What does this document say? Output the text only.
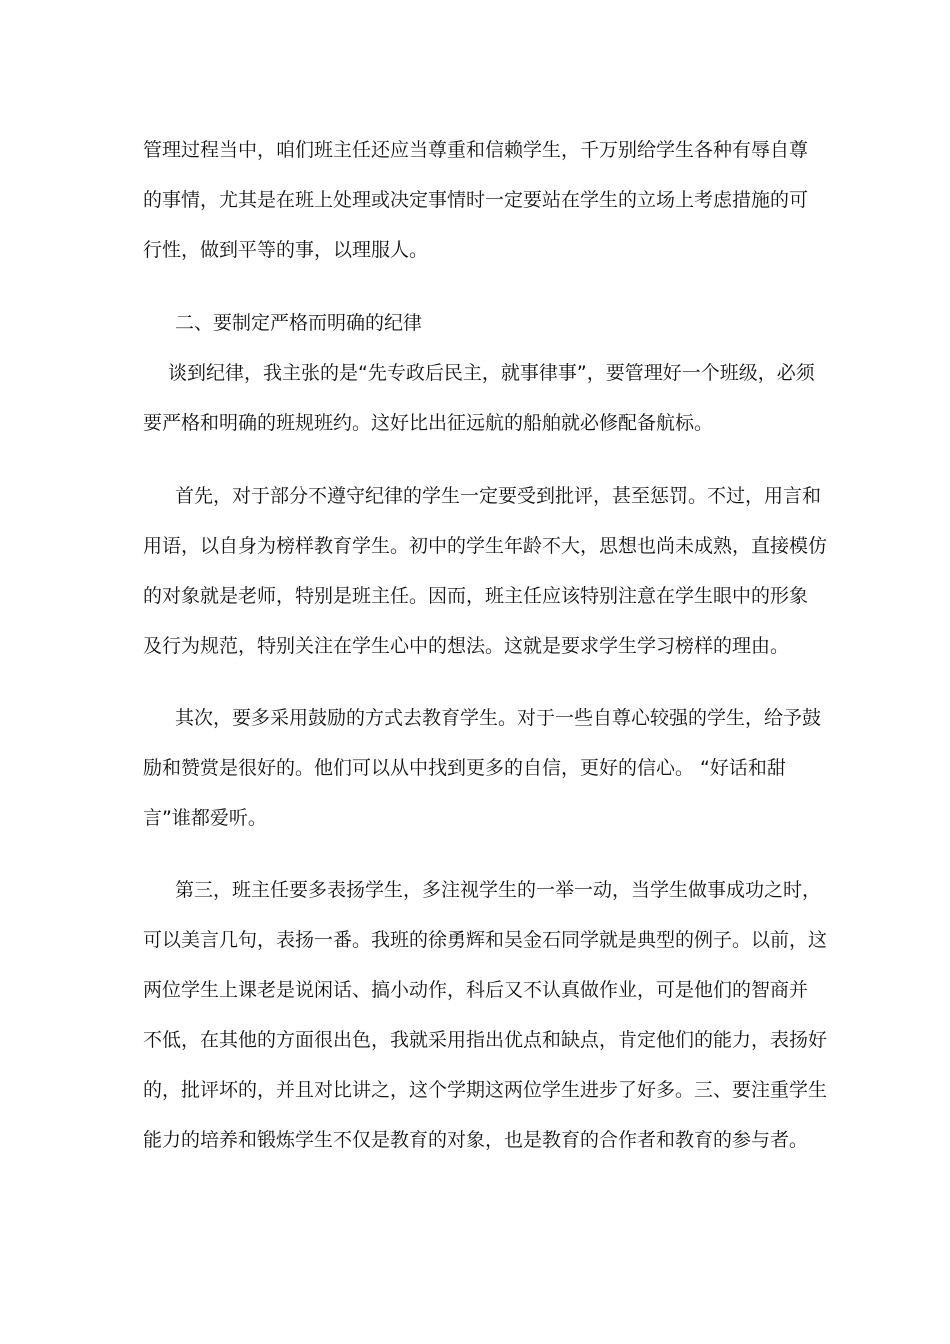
管理过程当中，咱们班主任还应当尊重和信赖学生，千万别给学生各种有辱自尊
的事情，尤其是在班上处理或决定事情时一定要站在学生的立场上考虑措施的可
行性，做到平等的事，以理服人。
二、要制定严格而明确的纪律
谈到纪律，我主张的是“先专政后民主，就事律事”，要管理好一个班级，必须
要严格和明确的班规班约。这好比出征远航的船舶就必修配备航标。
首先，对于部分不遵守纪律的学生一定要受到批评，甚至惩罚。不过，用言和
用语，以自身为榜样教育学生。初中的学生年龄不大，思想也尚未成熟，直接模仿
的对象就是老师，特别是班主任。因而，班主任应该特别注意在学生眼中的形象
及行为规范，特别关注在学生心中的想法。这就是要求学生学习榜样的理由。
其次，要多采用鼓励的方式去教育学生。对于一些自尊心较强的学生，给予鼓
励和赞赏是很好的。他们可以从中找到更多的自信，更好的信心。 “好话和甜
言”谁都爱听。
第三，班主任要多表扬学生，多注视学生的一举一动，当学生做事成功之时，
可以美言几句，表扬一番。我班的徐勇辉和吴金石同学就是典型的例子。以前，这
两位学生上课老是说闲话、搞小动作，科后又不认真做作业，可是他们的智商并
不低，在其他的方面很出色，我就采用指出优点和缺点，肯定他们的能力，表扬好
的，批评坏的，并且对比讲之，这个学期这两位学生进步了好多。三、要注重学生
能力的培养和锻炼学生不仅是教育的对象，也是教育的合作者和教育的参与者。
